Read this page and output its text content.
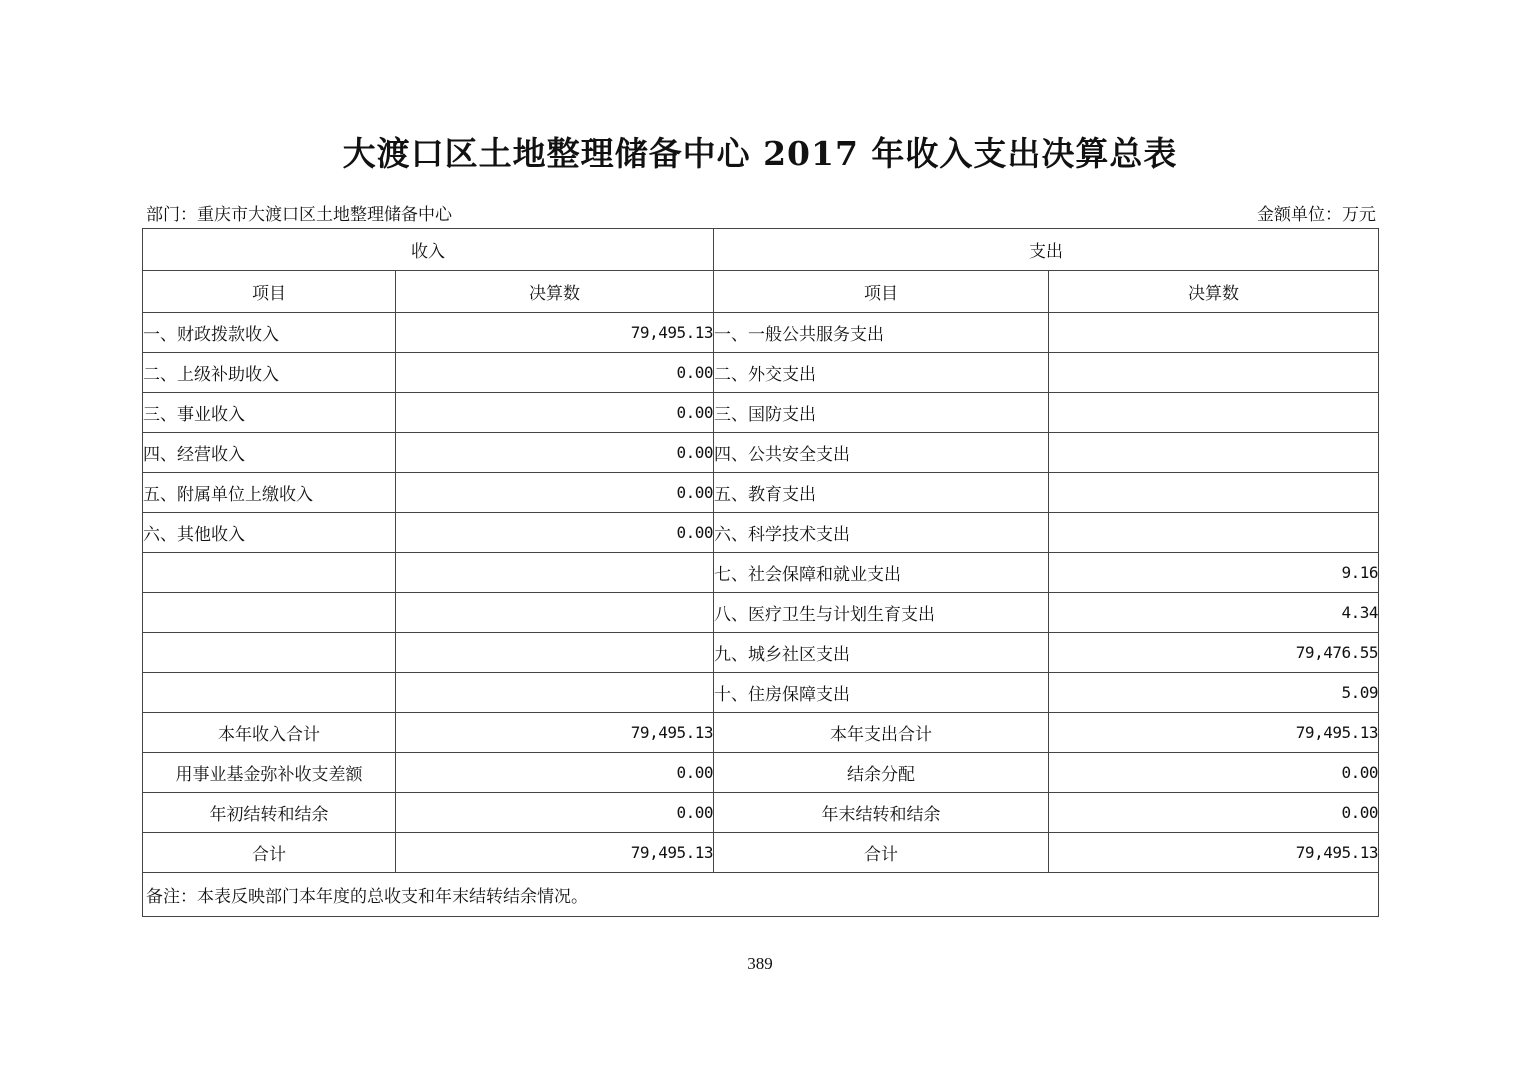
大渡口区土地整理储备中心 2017 年收入支出决算总表
部门：重庆市大渡口区土地整理储备中心	金额单位：万元
收入		支出	
项目	决算数	项目	决算数
一、财政拨款收入	79,495.13	一、一般公共服务支出	
二、上级补助收入	0.00	二、外交支出	
三、事业收入	0.00	三、国防支出	
四、经营收入	0.00	四、公共安全支出	
五、附属单位上缴收入	0.00	五、教育支出	
六、其他收入	0.00	六、科学技术支出	
		七、社会保障和就业支出	9.16
		八、医疗卫生与计划生育支出	4.34
		九、城乡社区支出	79,476.55
		十、住房保障支出	5.09
本年收入合计	79,495.13	本年支出合计	79,495.13
用事业基金弥补收支差额	0.00	结余分配	0.00
年初结转和结余	0.00	年末结转和结余	0.00
合计	79,495.13	合计	79,495.13
备注：本表反映部门本年度的总收支和年末结转结余情况。			
389
